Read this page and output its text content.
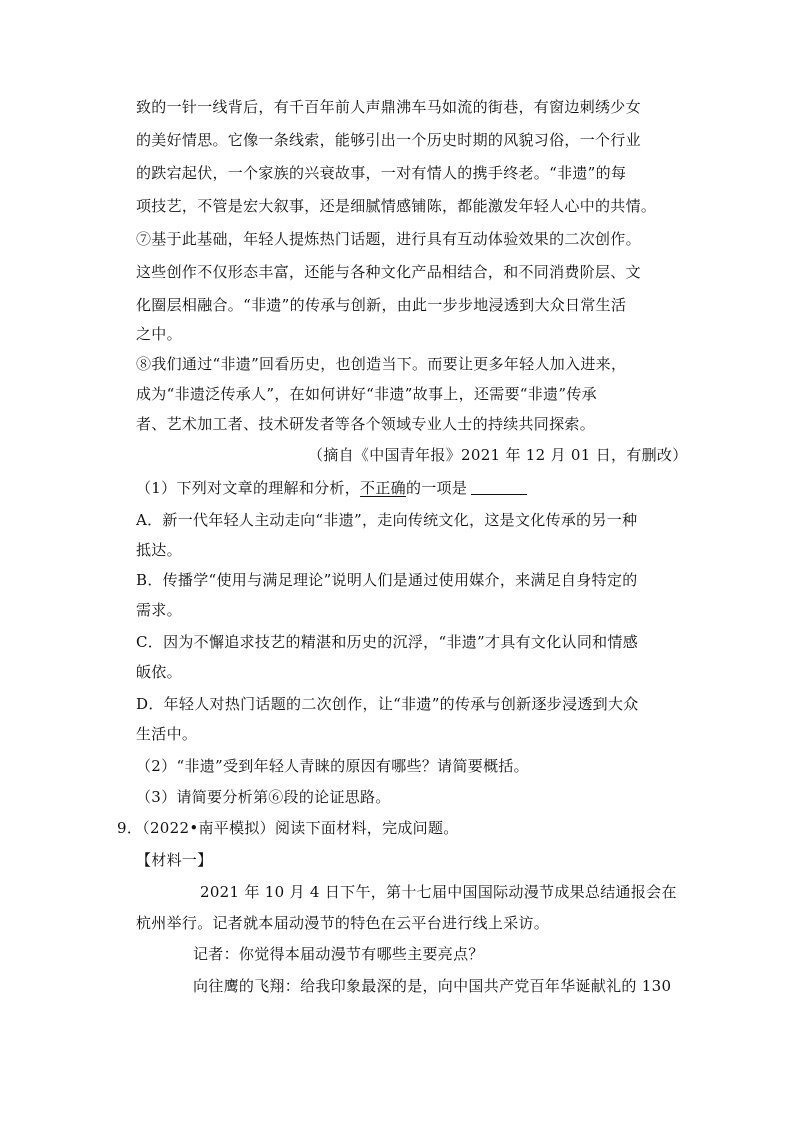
致的一针一线背后，有千百年前人声鼎沸车马如流的街巷，有窗边刺绣少女
的美好情思。它像一条线索，能够引出一个历史时期的风貌习俗，一个行业
的跌宕起伏，一个家族的兴衰故事，一对有情人的携手终老。“非遗”的每
项技艺，不管是宏大叙事，还是细腻情感铺陈，都能激发年轻人心中的共情。
⑦基于此基础，年轻人提炼热门话题，进行具有互动体验效果的二次创作。
这些创作不仅形态丰富，还能与各种文化产品相结合，和不同消费阶层、文
化圈层相融合。“非遗”的传承与创新，由此一步步地浸透到大众日常生活
之中。
⑧我们通过“非遗”回看历史，也创造当下。而要让更多年轻人加入进来，
成为“非遗泛传承人”，在如何讲好“非遗”故事上，还需要“非遗”传承
者、艺术加工者、技术研发者等各个领域专业人士的持续共同探索。
（摘自《中国青年报》2021 年 12 月 01 日，有删改）
（1）下列对文章的理解和分析，不正确的一项是
A．新一代年轻人主动走向“非遗”，走向传统文化，这是文化传承的另一种
抵达。
B．传播学“使用与满足理论”说明人们是通过使用媒介，来满足自身特定的
需求。
C．因为不懈追求技艺的精湛和历史的沉浮，“非遗”才具有文化认同和情感
皈依。
D．年轻人对热门话题的二次创作，让“非遗”的传承与创新逐步浸透到大众
生活中。
（2）“非遗”受到年轻人青睐的原因有哪些？请简要概括。
（3）请简要分析第⑥段的论证思路。
9．（2022•南平模拟）阅读下面材料，完成问题。
【材料一】
2021 年 10 月 4 日下午，第十七届中国国际动漫节成果总结通报会在
杭州举行。记者就本届动漫节的特色在云平台进行线上采访。
记者：你觉得本届动漫节有哪些主要亮点？
向往鹰的飞翔：给我印象最深的是，向中国共产党百年华诞献礼的 130
